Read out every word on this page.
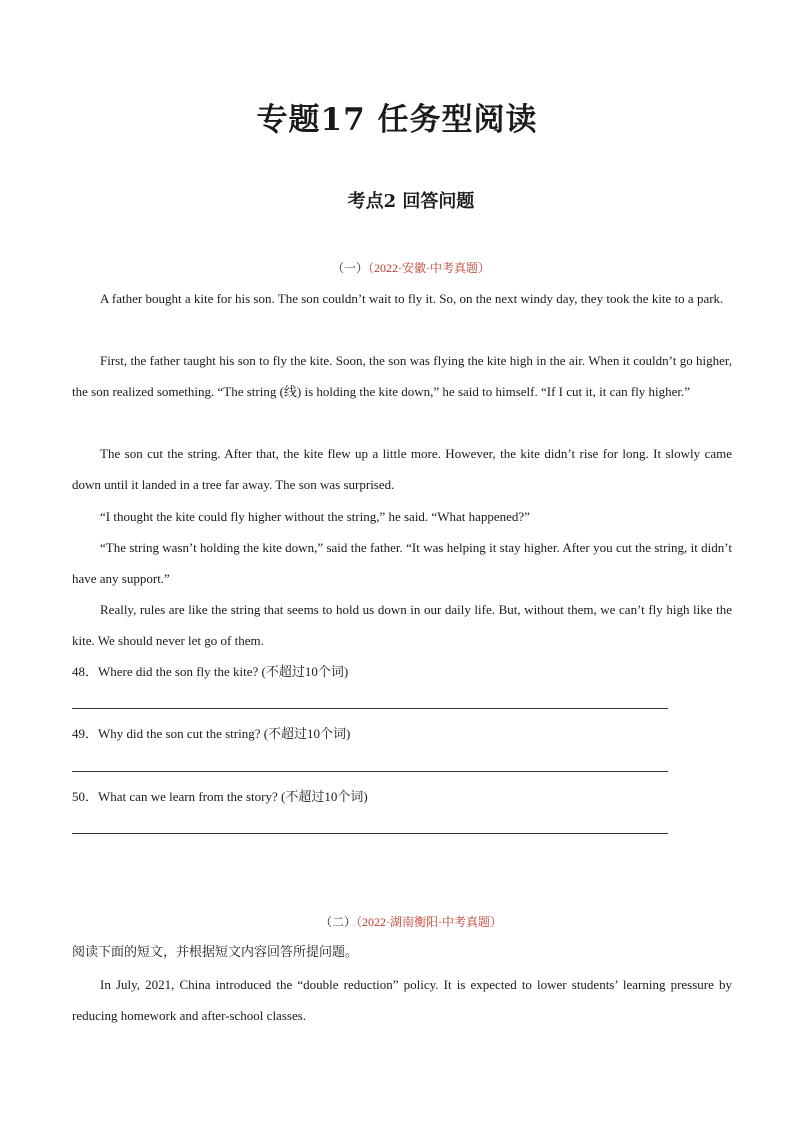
专题17 任务型阅读
考点2 回答问题
（一）（2022·安徽·中考真题）

A father bought a kite for his son. The son couldn’t wait to fly it. So, on the next windy day, they took the kite to a park.

First, the father taught his son to fly the kite. Soon, the son was flying the kite high in the air. When it couldn’t go higher, the son realized something. “The string (线) is holding the kite down,” he said to himself. “If I cut it, it can fly higher.”

The son cut the string. After that, the kite flew up a little more. However, the kite didn’t rise for long. It slowly came down until it landed in a tree far away. The son was surprised.

“I thought the kite could fly higher without the string,” he said. “What happened?”

“The string wasn’t holding the kite down,” said the father. “It was helping it stay higher. After you cut the string, it didn’t have any support.”

Really, rules are like the string that seems to hold us down in our daily life. But, without them, we can’t fly high like the kite. We should never let go of them.

48．Where did the son fly the kite? (不超过10个词)

49．Why did the son cut the string? (不超过10个词)

50．What can we learn from the story? (不超过10个词)

（二）（2022·湖南衡阳·中考真题）

阅读下面的短文，并根据短文内容回答所提问题。

In July, 2021, China introduced the “double reduction” policy. It is expected to lower students’ learning pressure by reducing homework and after-school classes.
